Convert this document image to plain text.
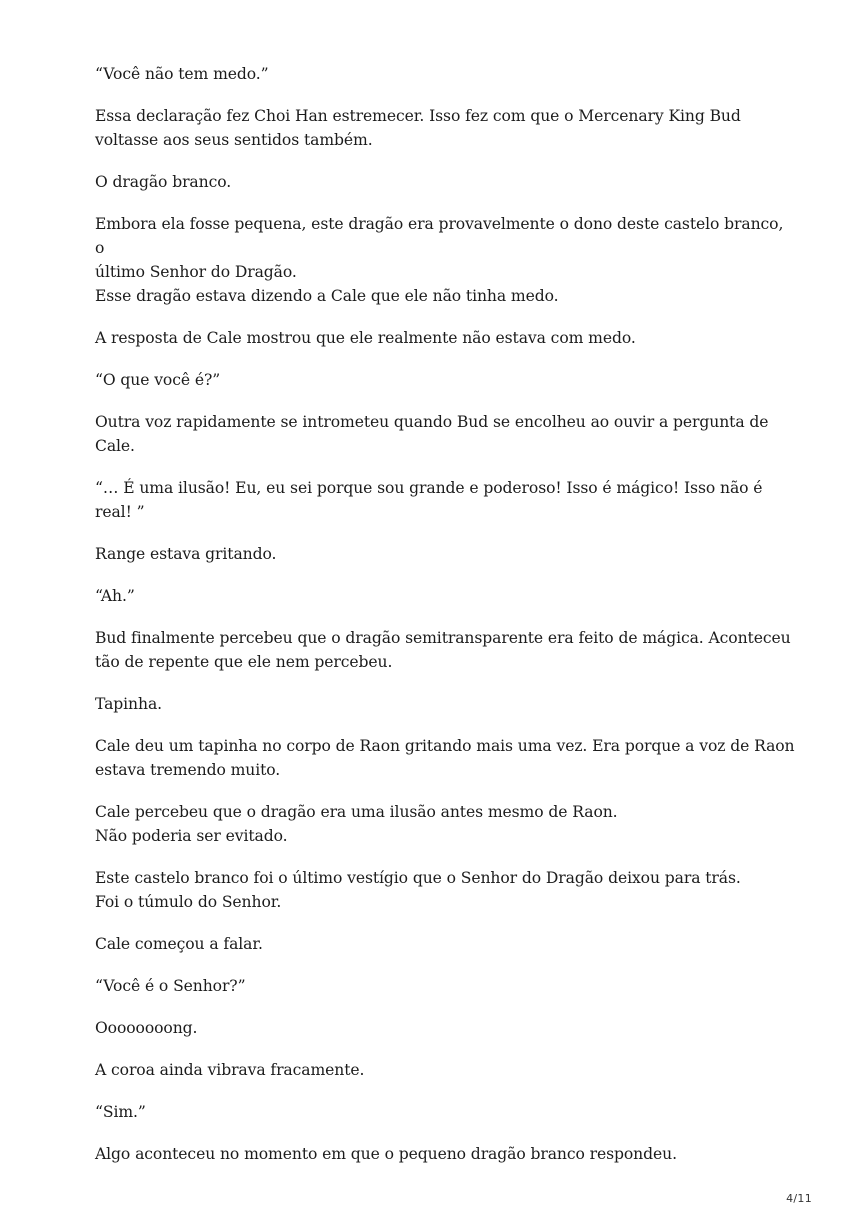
“Você não tem medo.”

Essa declaração fez Choi Han estremecer. Isso fez com que o Mercenary King Bud
voltasse aos seus sentidos também.

O dragão branco.

Embora ela fosse pequena, este dragão era provavelmente o dono deste castelo branco, o
último Senhor do Dragão.
Esse dragão estava dizendo a Cale que ele não tinha medo.

A resposta de Cale mostrou que ele realmente não estava com medo.

“O que você é?”

Outra voz rapidamente se intrometeu quando Bud se encolheu ao ouvir a pergunta de
Cale.

“… É uma ilusão! Eu, eu sei porque sou grande e poderoso! Isso é mágico! Isso não é
real! ”

Range estava gritando.

“Ah.”

Bud finalmente percebeu que o dragão semitransparente era feito de mágica. Aconteceu
tão de repente que ele nem percebeu.

Tapinha.

Cale deu um tapinha no corpo de Raon gritando mais uma vez. Era porque a voz de Raon
estava tremendo muito.

Cale percebeu que o dragão era uma ilusão antes mesmo de Raon.
Não poderia ser evitado.

Este castelo branco foi o último vestígio que o Senhor do Dragão deixou para trás.
Foi o túmulo do Senhor.

Cale começou a falar.

“Você é o Senhor?”

Oooooooong.

A coroa ainda vibrava fracamente.

“Sim.”

Algo aconteceu no momento em que o pequeno dragão branco respondeu.

4/11
